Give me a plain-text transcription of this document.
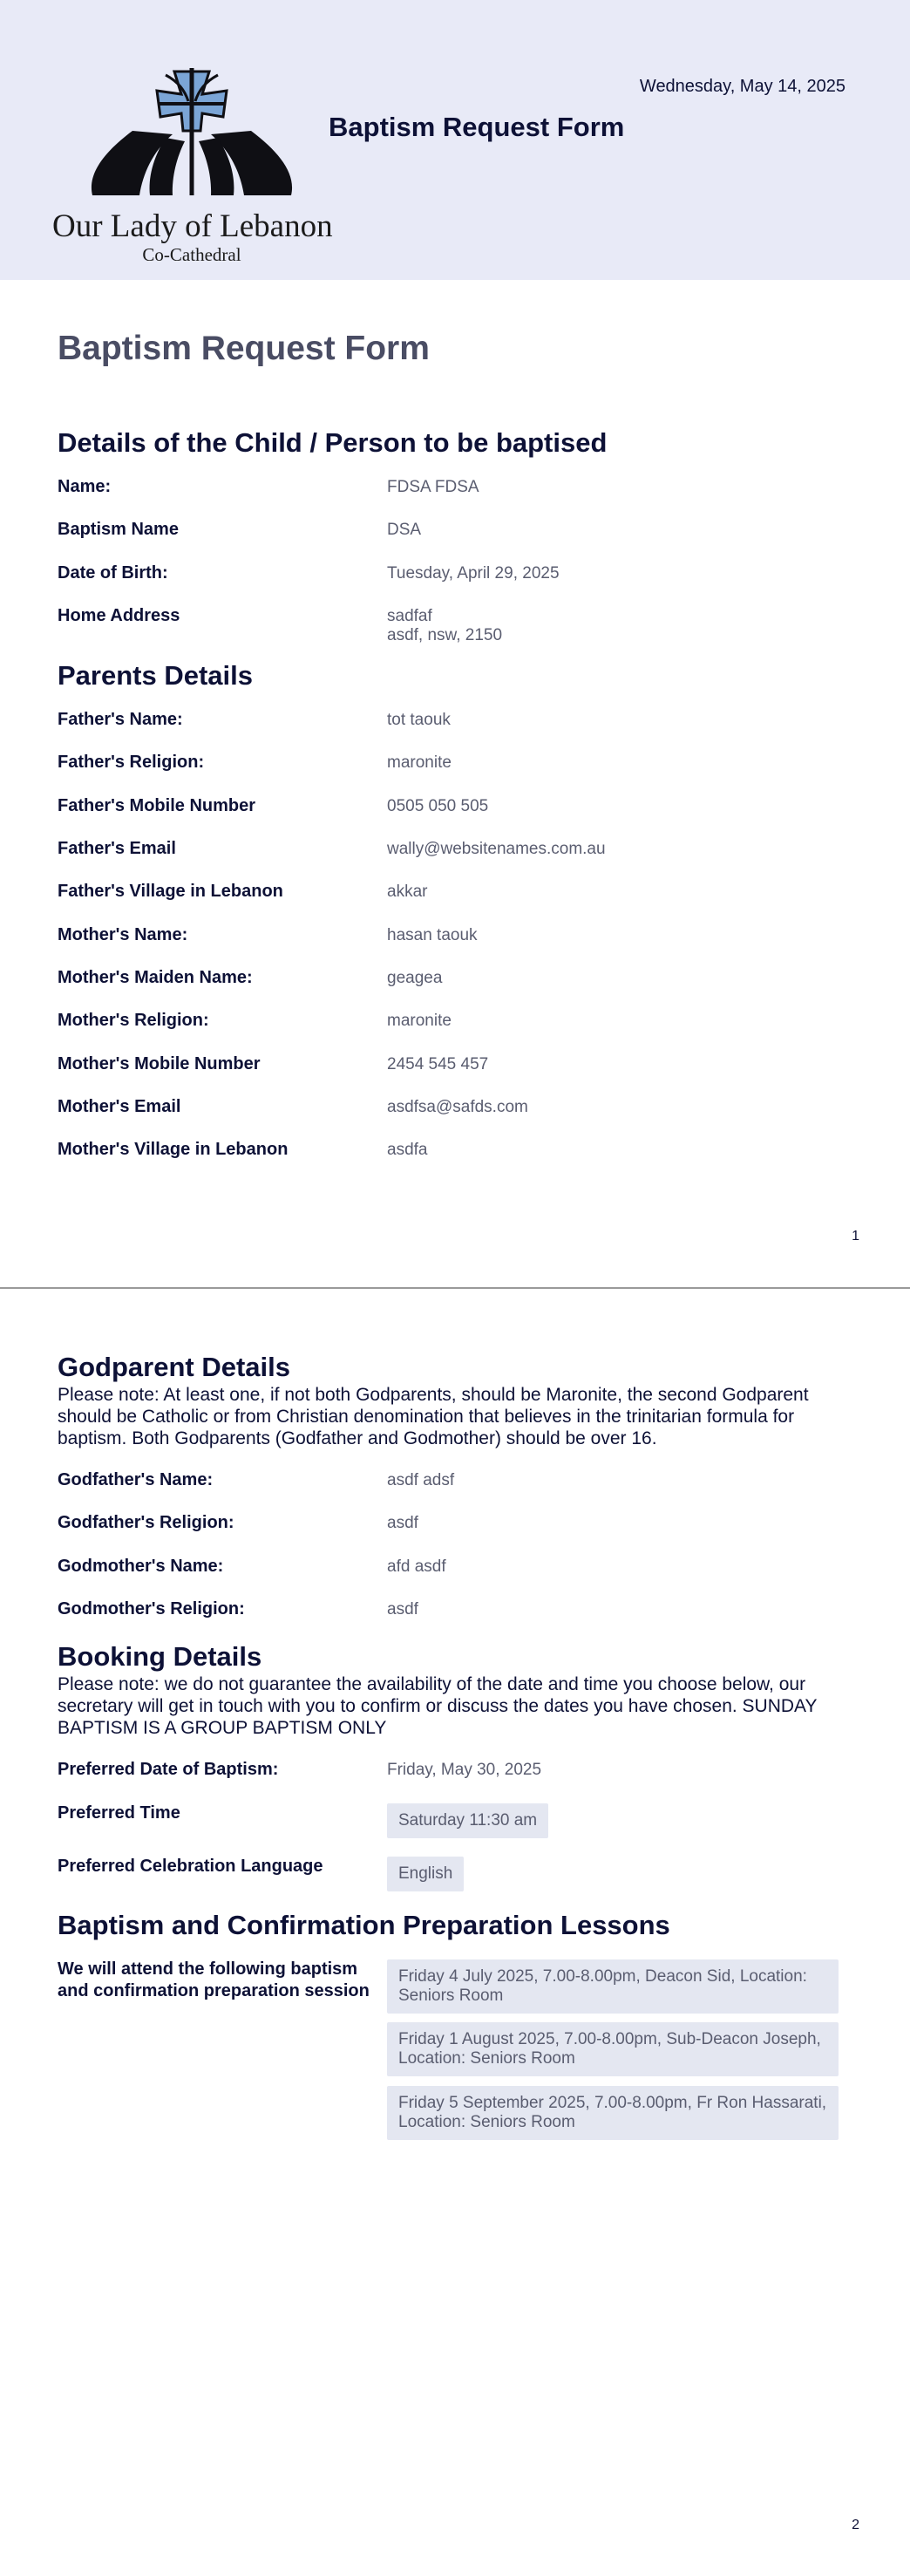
Our Lady of Lebanon
Co-Cathedral
Baptism Request Form
Wednesday, May 14, 2025
Baptism Request Form
Details of the Child / Person to be baptised
Name:	FDSA FDSA
Baptism Name	DSA
Date of Birth:	Tuesday, April 29, 2025
Home Address	sadfaf
asdf, nsw, 2150
Parents Details
Father's Name:	tot taouk
Father's Religion:	maronite
Father's Mobile Number	0505 050 505
Father's Email	wally@websitenames.com.au
Father's Village in Lebanon	akkar
Mother's Name:	hasan taouk
Mother's Maiden Name:	geagea
Mother's Religion:	maronite
Mother's Mobile Number	2454 545 457
Mother's Email	asdfsa@safds.com
Mother's Village in Lebanon	asdfa
1
Godparent Details
Please note: At least one, if not both Godparents, should be Maronite, the second Godparent should be Catholic or from Christian denomination that believes in the trinitarian formula for baptism. Both Godparents (Godfather and Godmother) should be over 16.
Godfather's Name:	asdf adsf
Godfather's Religion:	asdf
Godmother's Name:	afd asdf
Godmother's Religion:	asdf
Booking Details
Please note: we do not guarantee the availability of the date and time you choose below, our secretary will get in touch with you to confirm or discuss the dates you have chosen. SUNDAY BAPTISM IS A GROUP BAPTISM ONLY
Preferred Date of Baptism:	Friday, May 30, 2025
Preferred Time	Saturday 11:30 am
Preferred Celebration Language	English
Baptism and Confirmation Preparation Lessons
We will attend the following baptism and confirmation preparation session
Friday 4 July 2025, 7.00-8.00pm, Deacon Sid, Location: Seniors Room
Friday 1 August 2025, 7.00-8.00pm, Sub-Deacon Joseph, Location: Seniors Room
Friday 5 September 2025, 7.00-8.00pm, Fr Ron Hassarati, Location: Seniors Room
2
